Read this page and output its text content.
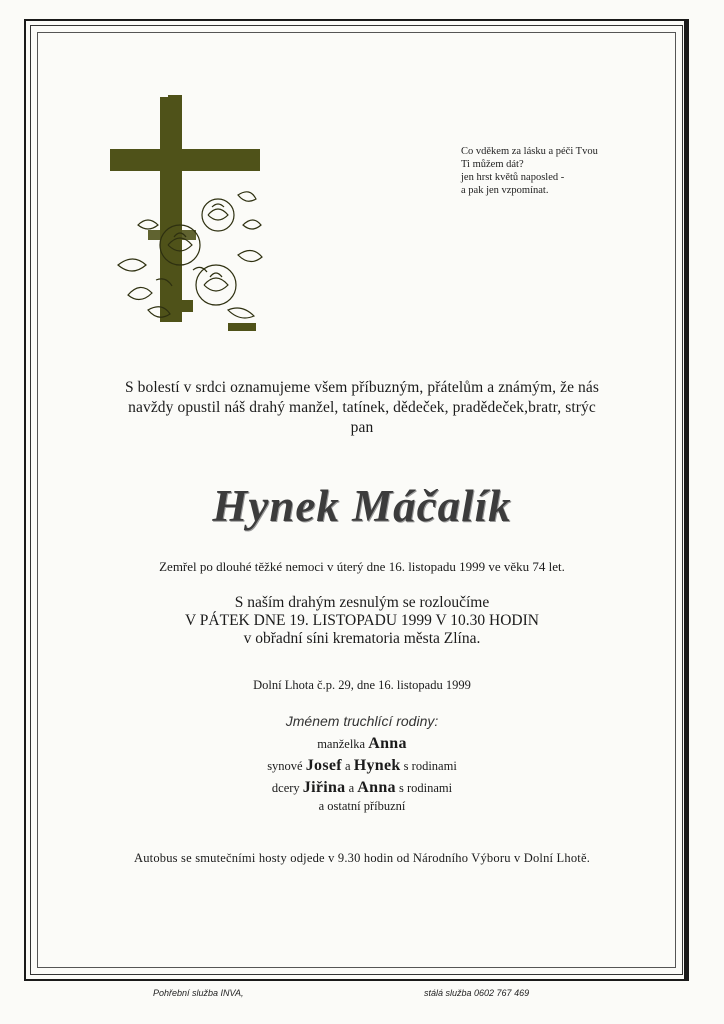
Co vděkem za lásku a péči Tvou
Ti můžem dát?
jen hrst květů naposled -
a pak jen vzpomínat.
S bolestí v srdci oznamujeme všem příbuzným, přátelům a známým, že nás
navždy opustil náš drahý manžel, tatínek, dědeček, pradědeček,bratr, strýc
pan
Hynek Máčalík
Zemřel po dlouhé těžké nemoci v úterý dne 16. listopadu 1999 ve věku 74 let.
S naším drahým zesnulým se rozloučíme
V PÁTEK DNE 19. LISTOPADU 1999 V 10.30 HODIN
v obřadní síni krematoria města Zlína.
Dolní Lhota č.p. 29, dne 16. listopadu 1999
Jménem truchlící rodiny:
manželka Anna
synové Josef a Hynek s rodinami
dcery Jiřina a Anna s rodinami
a ostatní příbuzní
Autobus se smutečními hosty odjede v 9.30 hodin od Národního Výboru v Dolní Lhotě.
Pohřební služba INVA,	stálá služba 0602 767 469
